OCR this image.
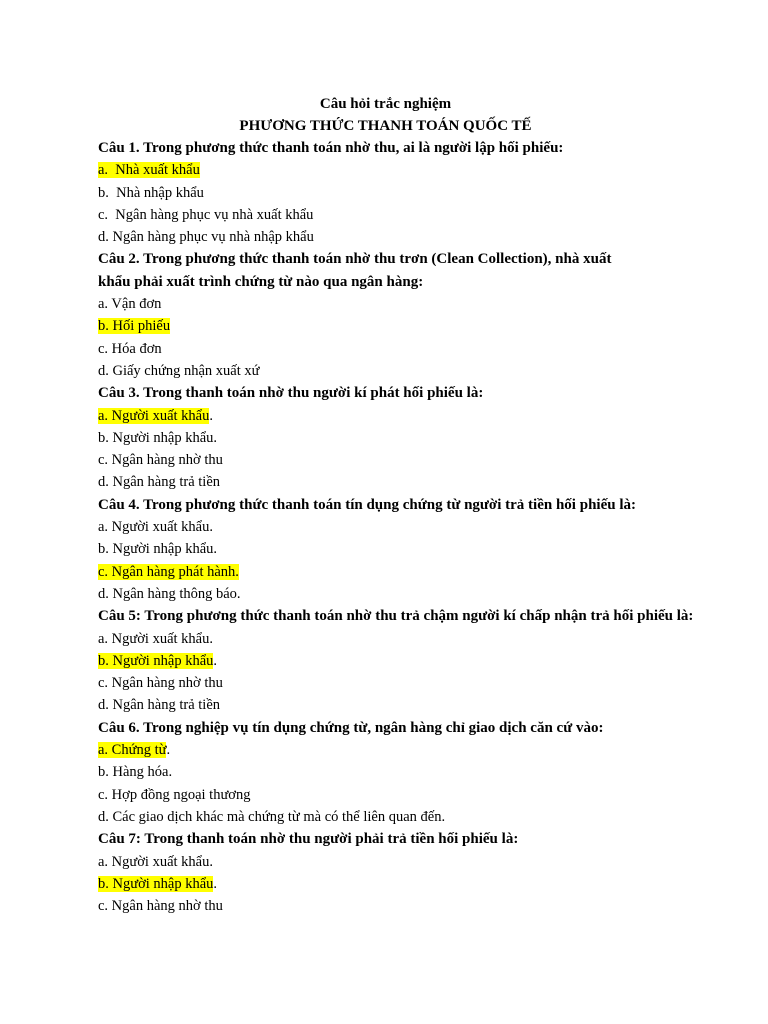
Câu hỏi trắc nghiệm

PHƯƠNG THỨC THANH TOÁN QUỐC TẾ

Câu 1. Trong phương thức thanh toán nhờ thu, ai là người lập hối phiếu:

a.  Nhà xuất khẩu

b.  Nhà nhập khẩu

c.  Ngân hàng phục vụ nhà xuất khẩu

d. Ngân hàng phục vụ nhà nhập khẩu

Câu 2. Trong phương thức thanh toán nhờ thu trơn (Clean Collection), nhà xuất

khẩu phải xuất trình chứng từ nào qua ngân hàng:

a. Vận đơn

b. Hối phiếu

c. Hóa đơn

d. Giấy chứng nhận xuất xứ

Câu 3. Trong thanh toán nhờ thu người kí phát hối phiếu là:

a. Người xuất khẩu.

b. Người nhập khẩu.

c. Ngân hàng nhờ thu

d. Ngân hàng trả tiền

Câu 4. Trong phương thức thanh toán tín dụng chứng từ người trả tiền hối phiếu là:

a. Người xuất khẩu.

b. Người nhập khẩu.

c. Ngân hàng phát hành.

d. Ngân hàng thông báo.

Câu 5: Trong phương thức thanh toán nhờ thu trả chậm người kí chấp nhận trả hối phiếu là:

a. Người xuất khẩu.

b. Người nhập khẩu.

c. Ngân hàng nhờ thu

d. Ngân hàng trả tiền

Câu 6. Trong nghiệp vụ tín dụng chứng từ, ngân hàng chỉ giao dịch căn cứ vào:

a. Chứng từ.

b. Hàng hóa.

c. Hợp đồng ngoại thương

d. Các giao dịch khác mà chứng từ mà có thể liên quan đến.

Câu 7: Trong thanh toán nhờ thu người phải trả tiền hối phiếu là:

a. Người xuất khẩu.

b. Người nhập khẩu.

c. Ngân hàng nhờ thu
